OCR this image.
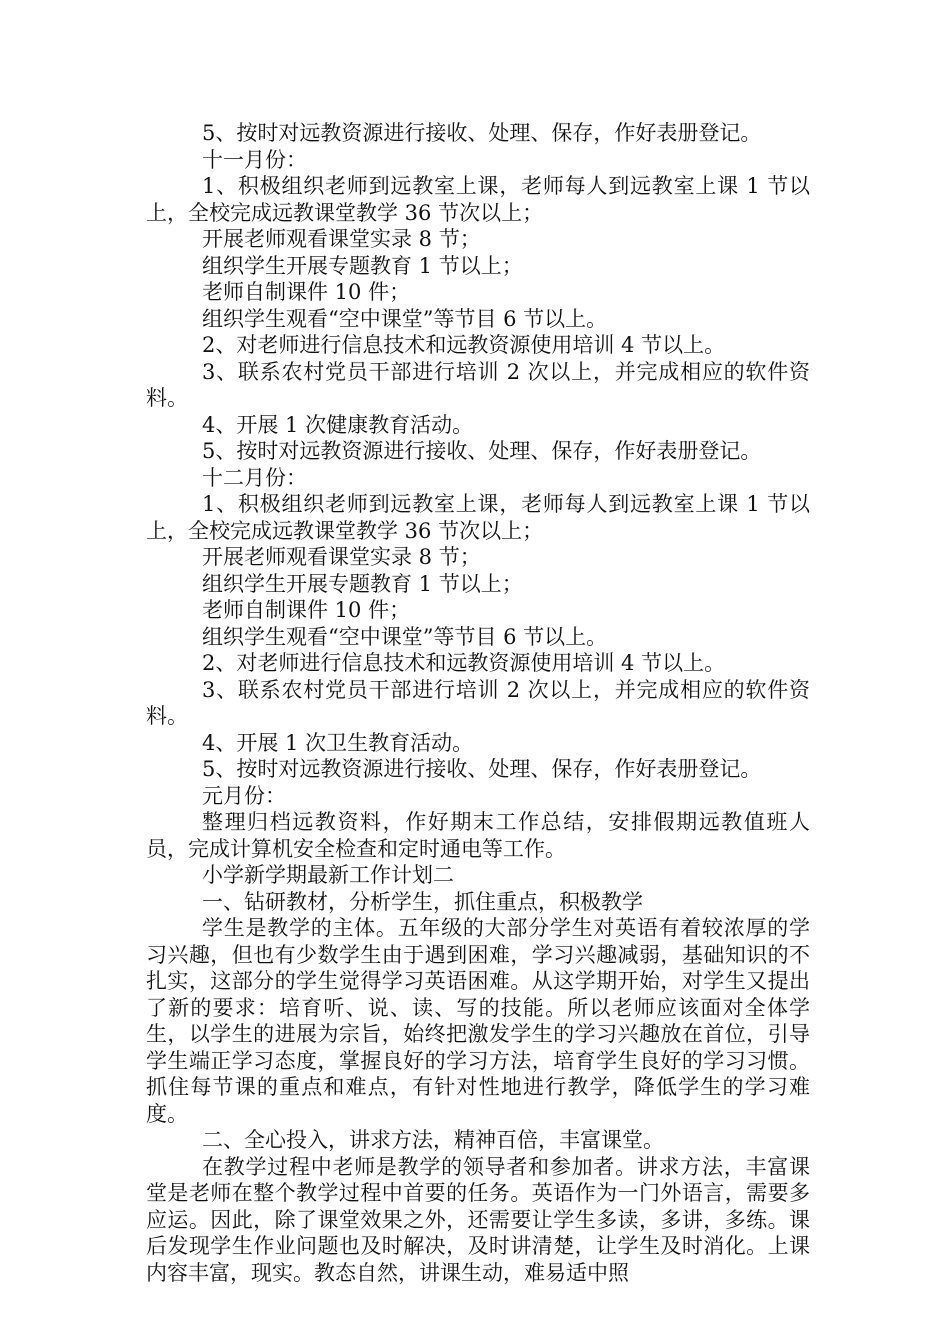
5、按时对远教资源进行接收、处理、保存，作好表册登记。

十一月份：

1、积极组织老师到远教室上课，老师每人到远教室上课 1 节以上，全校完成远教课堂教学 36 节次以上；

开展老师观看课堂实录 8 节；

组织学生开展专题教育 1 节以上；

老师自制课件 10 件；

组织学生观看“空中课堂”等节目 6 节以上。

2、对老师进行信息技术和远教资源使用培训 4 节以上。

3、联系农村党员干部进行培训 2 次以上，并完成相应的软件资料。

4、开展 1 次健康教育活动。

5、按时对远教资源进行接收、处理、保存，作好表册登记。

十二月份：

1、积极组织老师到远教室上课，老师每人到远教室上课 1 节以上，全校完成远教课堂教学 36 节次以上；

开展老师观看课堂实录 8 节；

组织学生开展专题教育 1 节以上；

老师自制课件 10 件；

组织学生观看“空中课堂”等节目 6 节以上。

2、对老师进行信息技术和远教资源使用培训 4 节以上。

3、联系农村党员干部进行培训 2 次以上，并完成相应的软件资料。

4、开展 1 次卫生教育活动。

5、按时对远教资源进行接收、处理、保存，作好表册登记。

元月份：

整理归档远教资料，作好期末工作总结，安排假期远教值班人员，完成计算机安全检查和定时通电等工作。

小学新学期最新工作计划二

一、钻研教材，分析学生，抓住重点，积极教学

学生是教学的主体。五年级的大部分学生对英语有着较浓厚的学习兴趣，但也有少数学生由于遇到困难，学习兴趣减弱，基础知识的不扎实，这部分的学生觉得学习英语困难。从这学期开始，对学生又提出了新的要求：培育听、说、读、写的技能。所以老师应该面对全体学生，以学生的进展为宗旨，始终把激发学生的学习兴趣放在首位，引导学生端正学习态度，掌握良好的学习方法，培育学生良好的学习习惯。抓住每节课的重点和难点，有针对性地进行教学，降低学生的学习难度。

二、全心投入，讲求方法，精神百倍，丰富课堂。

在教学过程中老师是教学的领导者和参加者。讲求方法，丰富课堂是老师在整个教学过程中首要的任务。英语作为一门外语言，需要多应运。因此，除了课堂效果之外，还需要让学生多读，多讲，多练。课后发现学生作业问题也及时解决，及时讲清楚，让学生及时消化。上课内容丰富，现实。教态自然，讲课生动，难易适中照
